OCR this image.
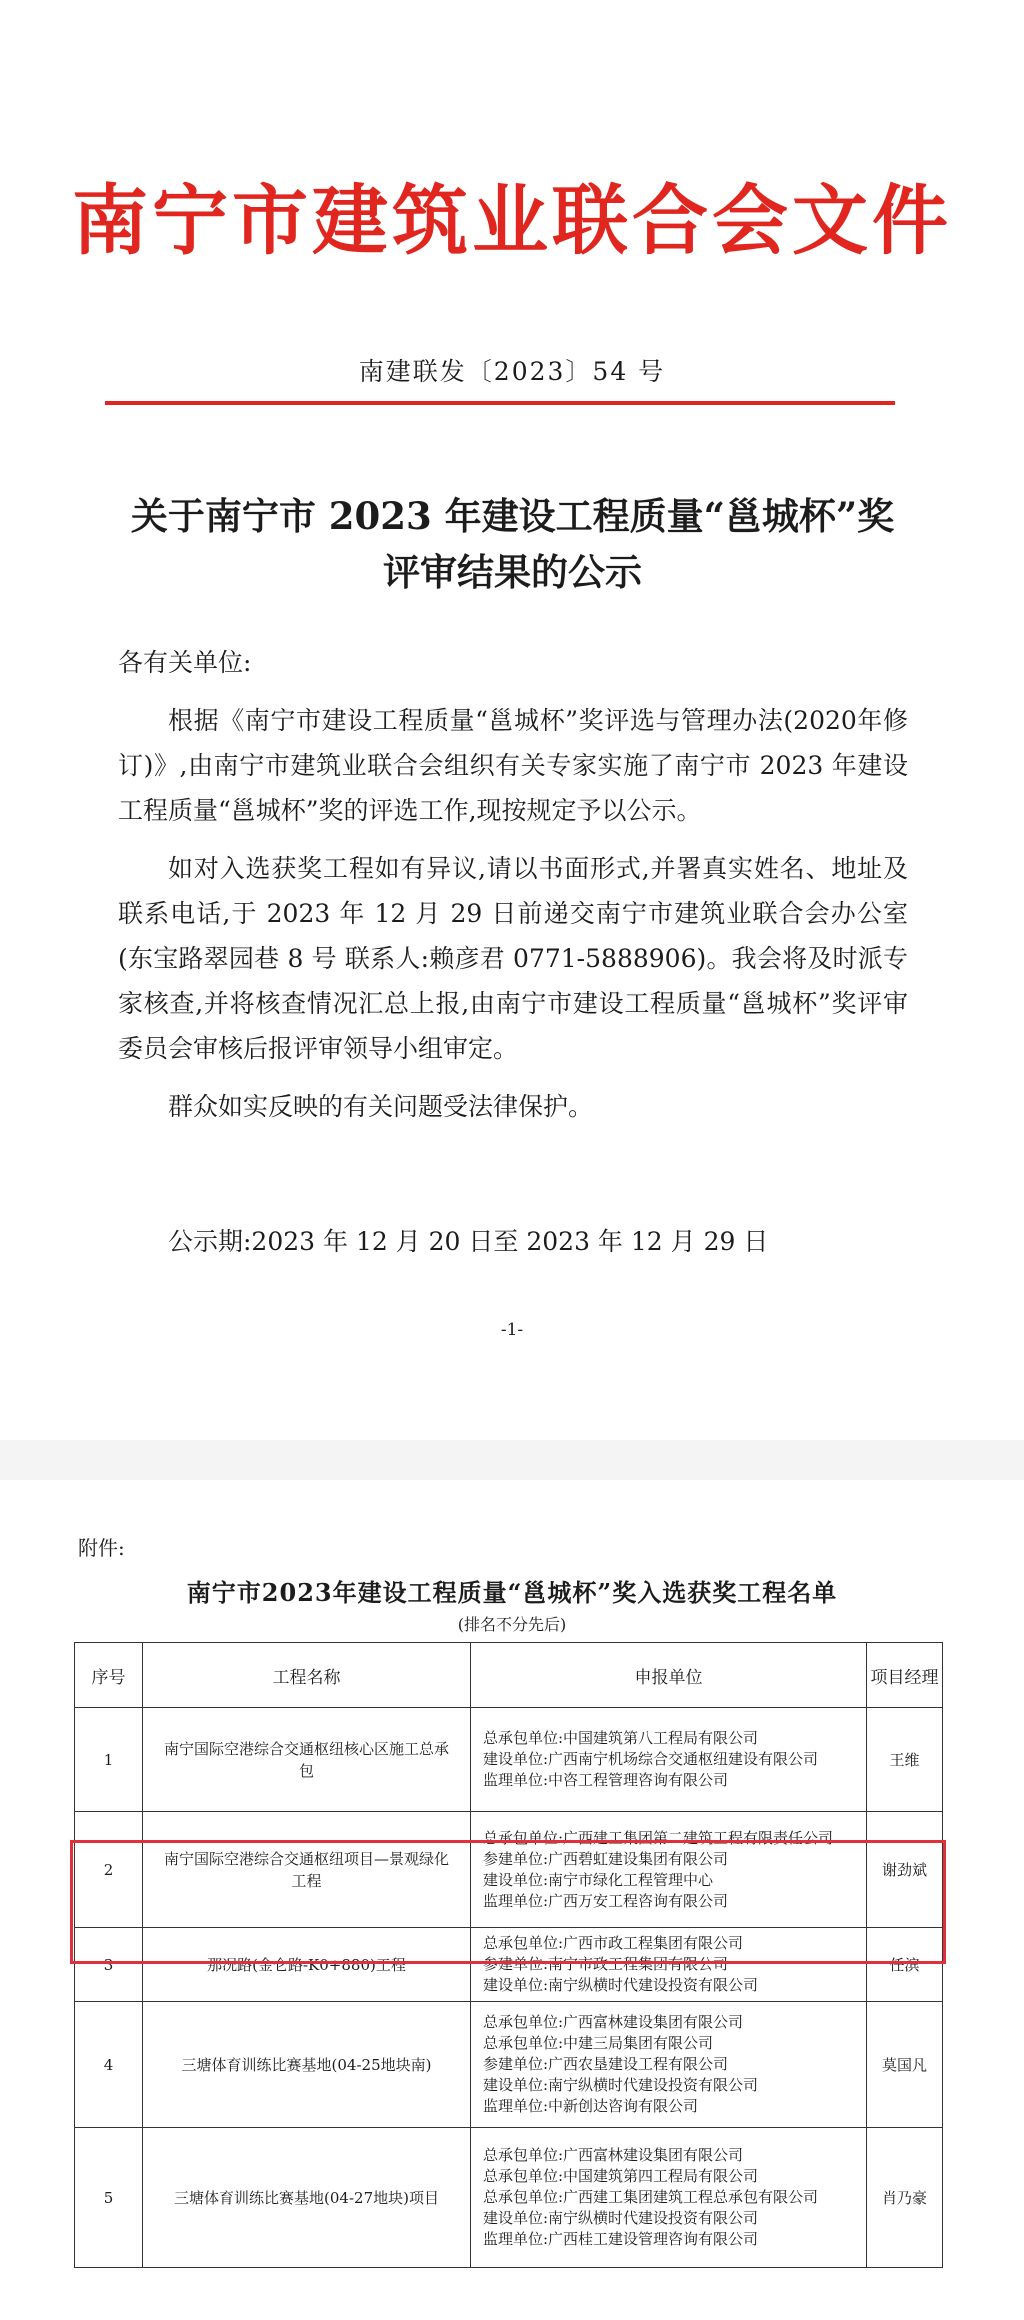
南宁市建筑业联合会文件
南建联发〔2023〕54 号
关于南宁市 2023 年建设工程质量“邕城杯”奖
评审结果的公示

各有关单位:

根据《南宁市建设工程质量“邕城杯”奖评选与管理办法(2020年修订)》,由南宁市建筑业联合会组织有关专家实施了南宁市 2023 年建设工程质量“邕城杯”奖的评选工作,现按规定予以公示。

如对入选获奖工程如有异议,请以书面形式,并署真实姓名、地址及联系电话,于 2023 年 12 月 29 日前递交南宁市建筑业联合会办公室(东宝路翠园巷 8 号 联系人:赖彦君 0771-5888906)。我会将及时派专家核查,并将核查情况汇总上报,由南宁市建设工程质量“邕城杯”奖评审委员会审核后报评审领导小组审定。

群众如实反映的有关问题受法律保护。

公示期:2023 年 12 月 20 日至 2023 年 12 月 29 日
-1-
附件:
南宁市2023年建设工程质量“邕城杯”奖入选获奖工程名单
(排名不分先后)
序号	工程名称	申报单位	项目经理
1	南宁国际空港综合交通枢纽核心区施工总承包	总承包单位:中国建筑第八工程局有限公司
建设单位:广西南宁机场综合交通枢纽建设有限公司
监理单位:中咨工程管理咨询有限公司	王维
2	南宁国际空港综合交通枢纽项目—景观绿化工程	总承包单位:广西建工集团第二建筑工程有限责任公司
参建单位:广西碧虹建设集团有限公司
建设单位:南宁市绿化工程管理中心
监理单位:广西万安工程咨询有限公司	谢劲斌
3	那况路(金仑路-K0+880)工程	总承包单位:广西市政工程集团有限公司
参建单位:南宁市政工程集团有限公司
建设单位:南宁纵横时代建设投资有限公司	任滨
4	三塘体育训练比赛基地(04-25地块南)	总承包单位:广西富林建设集团有限公司
总承包单位:中建三局集团有限公司
参建单位:广西农垦建设工程有限公司
建设单位:南宁纵横时代建设投资有限公司
监理单位:中新创达咨询有限公司	莫国凡
5	三塘体育训练比赛基地(04-27地块)项目	总承包单位:广西富林建设集团有限公司
总承包单位:中国建筑第四工程局有限公司
总承包单位:广西建工集团建筑工程总承包有限公司
建设单位:南宁纵横时代建设投资有限公司
监理单位:广西桂工建设管理咨询有限公司	肖乃豪
